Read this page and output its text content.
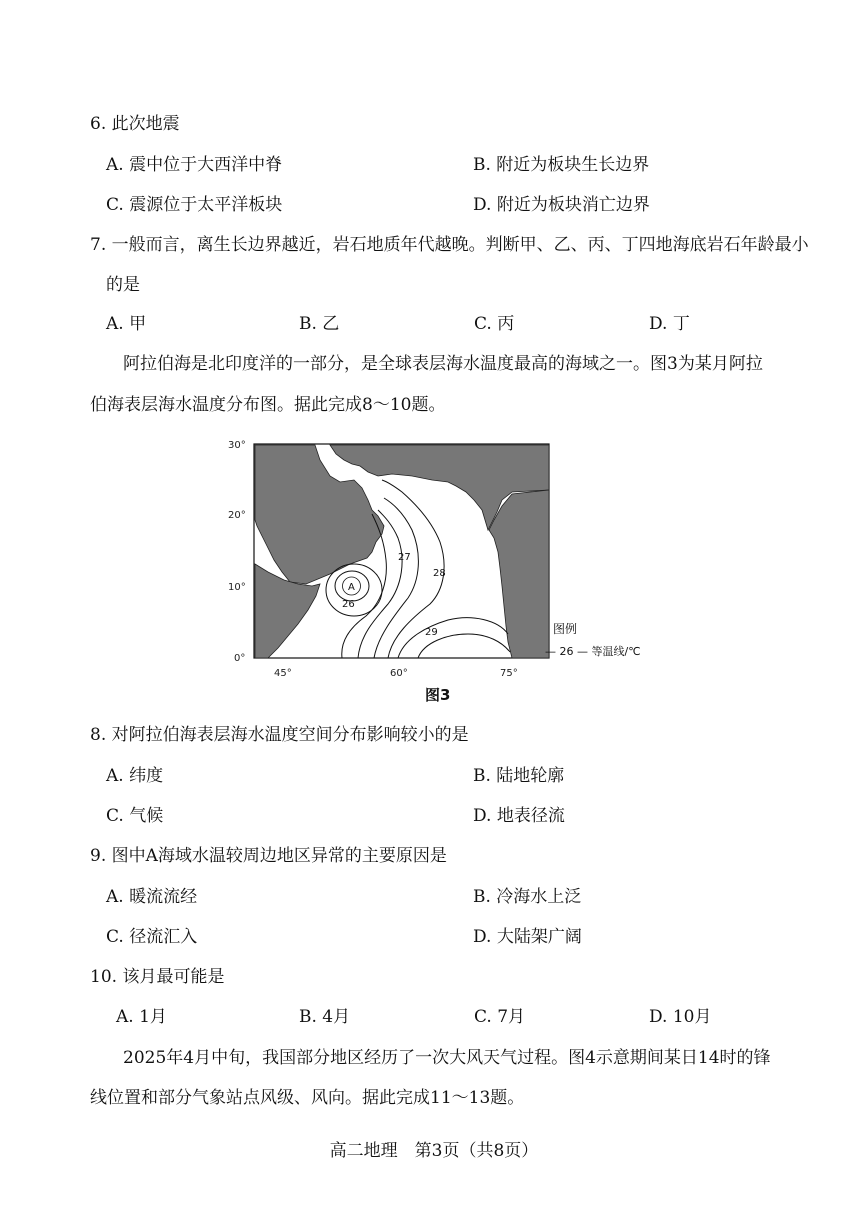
6. 此次地震
A. 震中位于大西洋中脊	B. 附近为板块生长边界
C. 震源位于太平洋板块	D. 附近为板块消亡边界
7. 一般而言，离生长边界越近，岩石地质年代越晚。判断甲、乙、丙、丁四地海底岩石年龄最小
的是
A. 甲	B. 乙	C. 丙	D. 丁
阿拉伯海是北印度洋的一部分，是全球表层海水温度最高的海域之一。图3为某月阿拉
伯海表层海水温度分布图。据此完成8～10题。
A
26
27
28
29
30°
20°
10°
0°
45°	60°	75°
图例
— 26 — 等温线/℃
图3
8. 对阿拉伯海表层海水温度空间分布影响较小的是
A. 纬度	B. 陆地轮廓
C. 气候	D. 地表径流
9. 图中A海域水温较周边地区异常的主要原因是
A. 暖流流经	B. 冷海水上泛
C. 径流汇入	D. 大陆架广阔
10. 该月最可能是
A. 1月	B. 4月	C. 7月	D. 10月
2025年4月中旬，我国部分地区经历了一次大风天气过程。图4示意期间某日14时的锋
线位置和部分气象站点风级、风向。据此完成11～13题。
高二地理　第3页（共8页）
